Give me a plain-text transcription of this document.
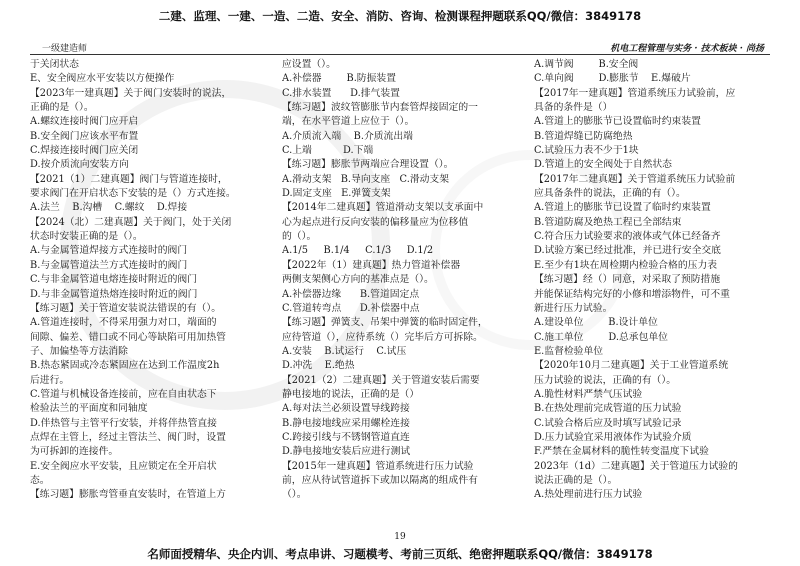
二建、监理、一建、一造、二造、安全、消防、咨询、检测课程押题联系QQ/微信：3849178
一级建造师	机电工程管理与实务 · 技术板块 · 尚扬
于关闭状态
E、安全阀应水平安装以方便操作
【2023年一建真题】关于阀门安装时的说法，
正确的是（）。
A.螺纹连接时阀门应开启
B.安全阀门应该水平布置
C.焊接连接时阀门应关闭
D.按介质流向安装方向
【2021（1）二建真题】阀门与管道连接时，
要求阀门在开启状态下安装的是（）方式连接。
A.法兰    B.沟槽    C.螺纹    D.焊接
【2024（北）二建真题】关于阀门，处于关闭
状态时安装正确的是（）。
A.与金属管道焊接方式连接时的阀门
B.与金属管道法兰方式连接时的阀门
C.与非金属管道电熔连接时附近的阀门
D.与非金属管道热熔连接时附近的阀门
【练习题】关于管道安装说法错误的有（）。
A.管道连接时，不得采用强力对口，端面的
间隙、偏差、错口或不同心等缺陷可用加热管
子、加偏垫等方法消除
B.热态紧固或冷态紧固应在达到工作温度2h
后进行。
C.管道与机械设备连接前，应在自由状态下
检验法兰的平面度和同轴度
D.伴热管与主管平行安装，并将伴热管直接
点焊在主管上，经过主管法兰、阀门时，设置
为可拆卸的连接件。
E.安全阀应水平安装，且应锁定在全开启状
态。
【练习题】膨胀弯管垂直安装时，在管道上方
应设置（）。
A.补偿器        B.防振装置
C.排水装置      D.排气装置
【练习题】波纹管膨胀节内套管焊接固定的一
端，在水平管道上应位于（）。
A.介质流入端    B.介质流出端
C.上端          D.下端
【练习题】膨胀节两端应合理设置（）。
A.滑动支架   B.导向支座   C.滑动支架
D.固定支座   E.弹簧支架
【2014年二建真题】管道滑动支架以支承面中
心为起点进行反向安装的偏移量应为位移值
的（）。
A.1/5     B.1/4     C.1/3     D.1/2
【2022年（1）建真题】热力管道补偿器
两侧支架侧心方向的基准点是（）。
A.补偿器边缘      B.管道固定点
C.管道转弯点      D.补偿器中点
【练习题】弹簧支、吊架中弹簧的临时固定件，
应待管道（），应待系统（）完毕后方可拆除。
A.安装    B.试运行    C.试压
D.冲洗    E.绝热
【2021（2）二建真题】关于管道安装后需要
静电接地的说法，正确的是（）
A.每对法兰必须设置导线跨接
B.静电接地线应采用螺栓连接
C.跨接引线与不锈钢管道直连
D.静电接地安装后应进行测试
【2015年一建真题】管道系统进行压力试验
前，应从待试管道拆下或加以隔离的组成件有
（）。
A.调节阀        B.安全阀
C.单向阀        D.膨胀节    E.爆破片
【2017年一建真题】管道系统压力试验前，应
具备的条件是（）
A.管道上的膨胀节已设置临时约束装置
B.管道焊缝已防腐绝热
C.试验压力表不少于1块
D.管道上的安全阀处于自然状态
【2017年二建真题】关于管道系统压力试验前
应具备条件的说法，正确的有（）。
A.管道上的膨胀节已设置了临时约束装置
B.管道防腐及绝热工程已全部结束
C.符合压力试验要求的液体或气体已经备齐
D.试验方案已经过批准，并已进行安全交底
E.至少有1块在周检期内检验合格的压力表
【练习题】经（）同意，对采取了预防措施
并能保证结构完好的小修和增添物件，可不重
新进行压力试验。
A.建设单位        B.设计单位
C.施工单位        D.总承包单位
E.监督检验单位
【2020年10月二建真题】关于工业管道系统
压力试验的说法，正确的有（）。
A.脆性材料严禁气压试验
B.在热处理前完成管道的压力试验
C.试验合格后应及时填写试验记录
D.压力试验宜采用液体作为试验介质
F.严禁在金属材料的脆性转变温度下试验
2023年（1d）二建真题】关于管道压力试验的
说法正确的是（）。
A.热处理前进行压力试验
19
名师面授精华、央企内训、考点串讲、习题模考、考前三页纸、绝密押题联系QQ/微信：3849178
